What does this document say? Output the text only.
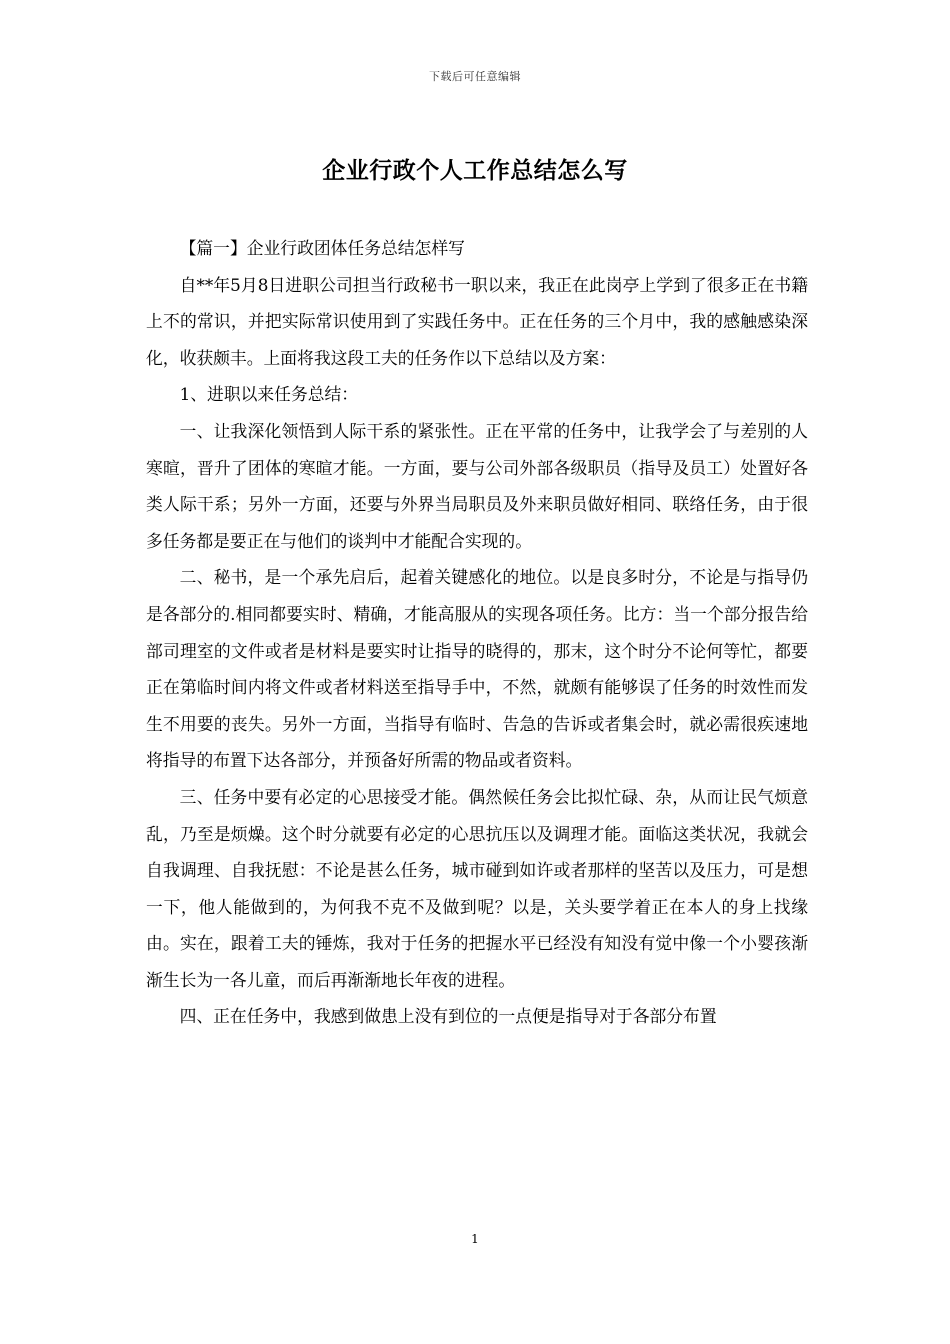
下载后可任意编辑
企业行政个人工作总结怎么写

【篇一】企业行政团体任务总结怎样写

自**年5月8日进职公司担当行政秘书一职以来，我正在此岗亭上学到了很多正在书籍上不的常识，并把实际常识使用到了实践任务中。正在任务的三个月中，我的感触感染深化，收获颇丰。上面将我这段工夫的任务作以下总结以及方案：

1、进职以来任务总结：

一、让我深化领悟到人际干系的紧张性。正在平常的任务中，让我学会了与差别的人寒暄，晋升了团体的寒暄才能。一方面，要与公司外部各级职员（指导及员工）处置好各类人际干系；另外一方面，还要与外界当局职员及外来职员做好相同、联络任务，由于很多任务都是要正在与他们的谈判中才能配合实现的。

二、秘书，是一个承先启后，起着关键感化的地位。以是良多时分，不论是与指导仍是各部分的.相同都要实时、精确，才能高服从的实现各项任务。比方：当一个部分报告给部司理室的文件或者是材料是要实时让指导的晓得的，那末，这个时分不论何等忙，都要正在第临时间内将文件或者材料送至指导手中，不然，就颇有能够误了任务的时效性而发生不用要的丧失。另外一方面，当指导有临时、告急的告诉或者集会时，就必需很疾速地将指导的布置下达各部分，并预备好所需的物品或者资料。

三、任务中要有必定的心思接受才能。偶然候任务会比拟忙碌、杂，从而让民气烦意乱，乃至是烦燥。这个时分就要有必定的心思抗压以及调理才能。面临这类状况，我就会自我调理、自我抚慰：不论是甚么任务，城市碰到如许或者那样的坚苦以及压力，可是想一下，他人能做到的，为何我不克不及做到呢？以是，关头要学着正在本人的身上找缘由。实在，跟着工夫的锤炼，我对于任务的把握水平已经没有知没有觉中像一个小婴孩渐渐生长为一各儿童，而后再渐渐地长年夜的进程。

四、正在任务中，我感到做患上没有到位的一点便是指导对于各部分布置

1
